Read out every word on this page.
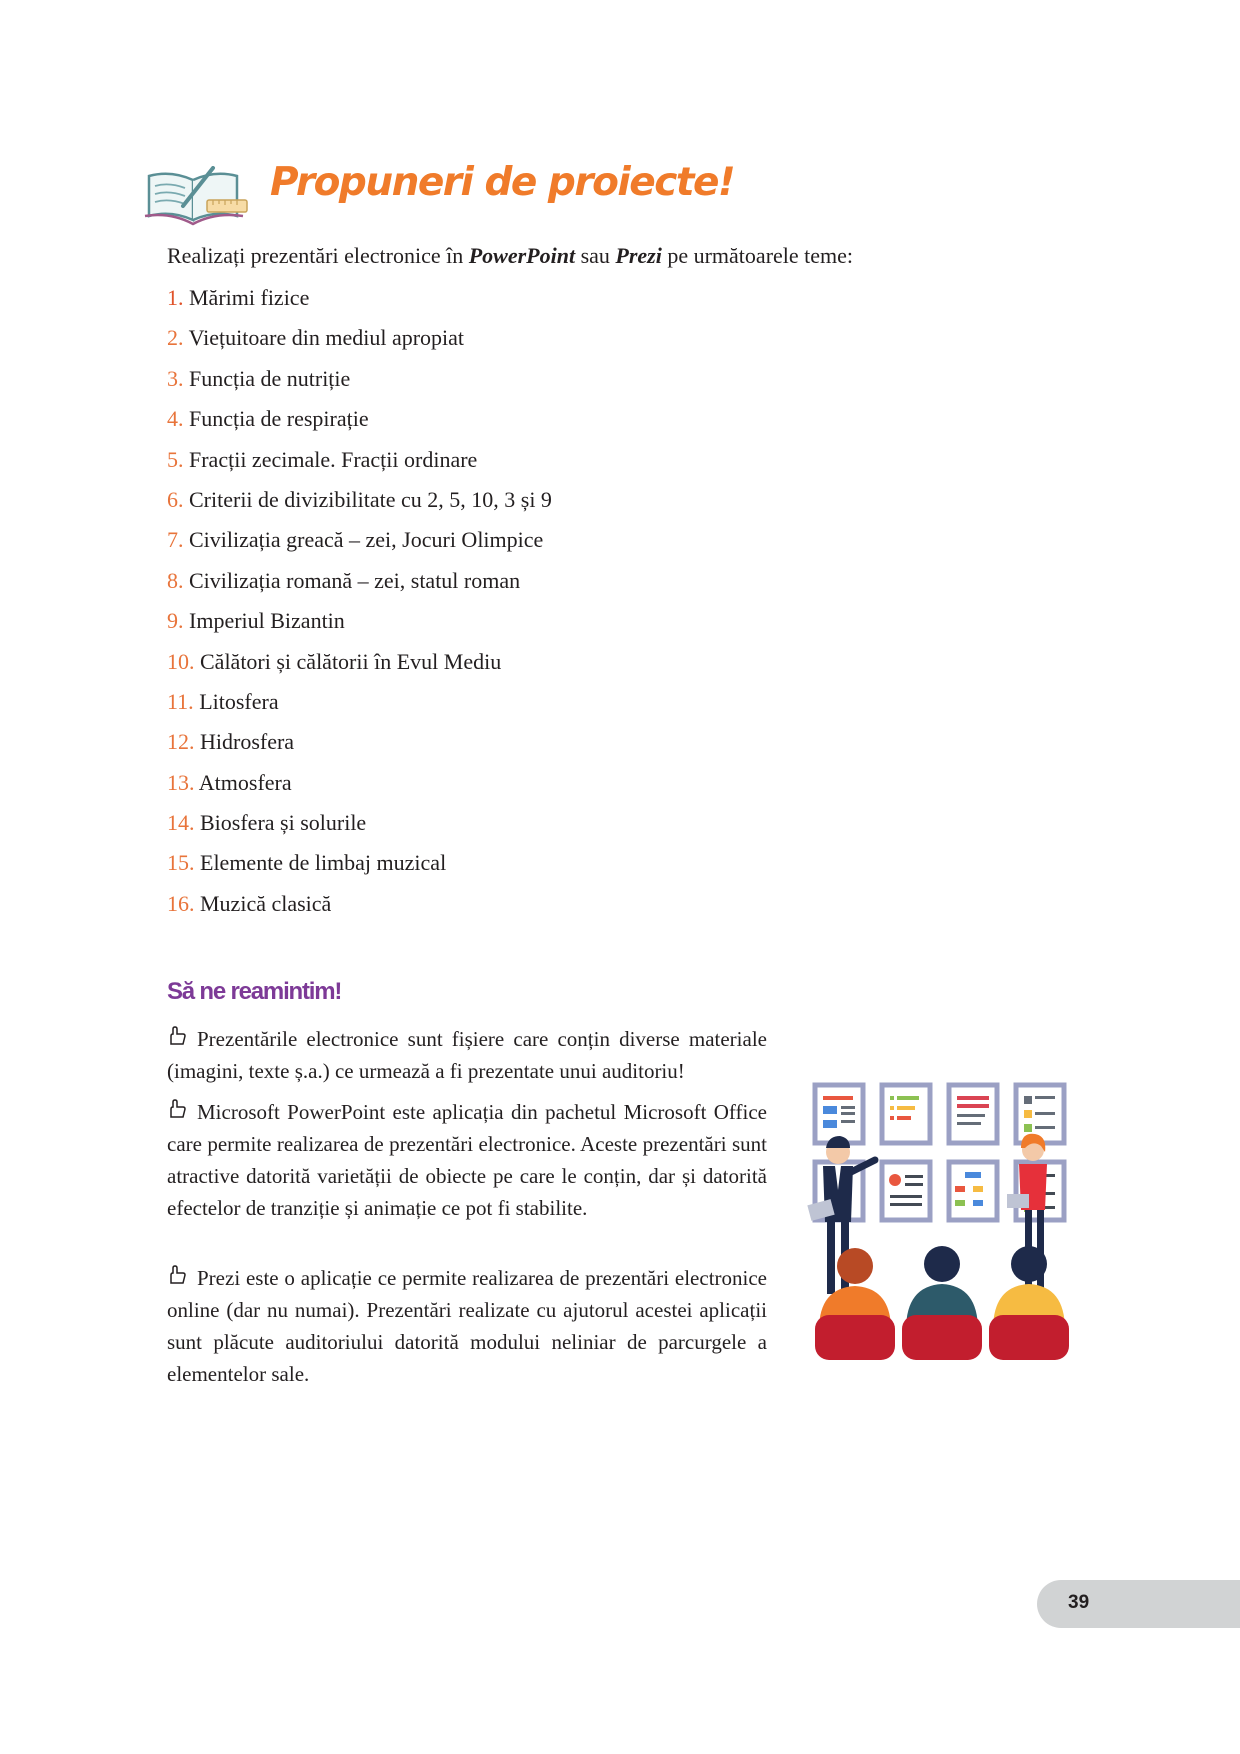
Propuneri de proiecte!
Realizați prezentări electronice în PowerPoint sau Prezi pe următoarele teme:
1. Mărimi fizice
2. Viețuitoare din mediul apropiat
3. Funcția de nutriție
4. Funcția de respirație
5. Fracții zecimale. Fracții ordinare
6. Criterii de divizibilitate cu 2, 5, 10, 3 și 9
7. Civilizația greacă – zei, Jocuri Olimpice
8. Civilizația romană – zei, statul roman
9. Imperiul Bizantin
10. Călători și călătorii în Evul Mediu
11. Litosfera
12. Hidrosfera
13. Atmosfera
14. Biosfera și solurile
15. Elemente de limbaj muzical
16. Muzică clasică
Să ne reamintim!
Prezentările electronice sunt fișiere care conțin diverse materiale (imagini, texte ș.a.) ce urmează a fi prezentate unui auditoriu!
Microsoft PowerPoint este aplicația din pachetul Microsoft Office care permite realizarea de prezentări electronice. Aceste prezentări sunt atractive datorită varietății de obiecte pe care le conțin, dar și datorită efectelor de tranziție și animație ce pot fi stabilite.
Prezi este o aplicație ce permite realizarea de prezentări electronice online (dar nu numai). Prezentări realizate cu ajutorul acestei aplicații sunt plăcute auditoriului datorită modului neliniar de parcurgele a elementelor sale.
39
